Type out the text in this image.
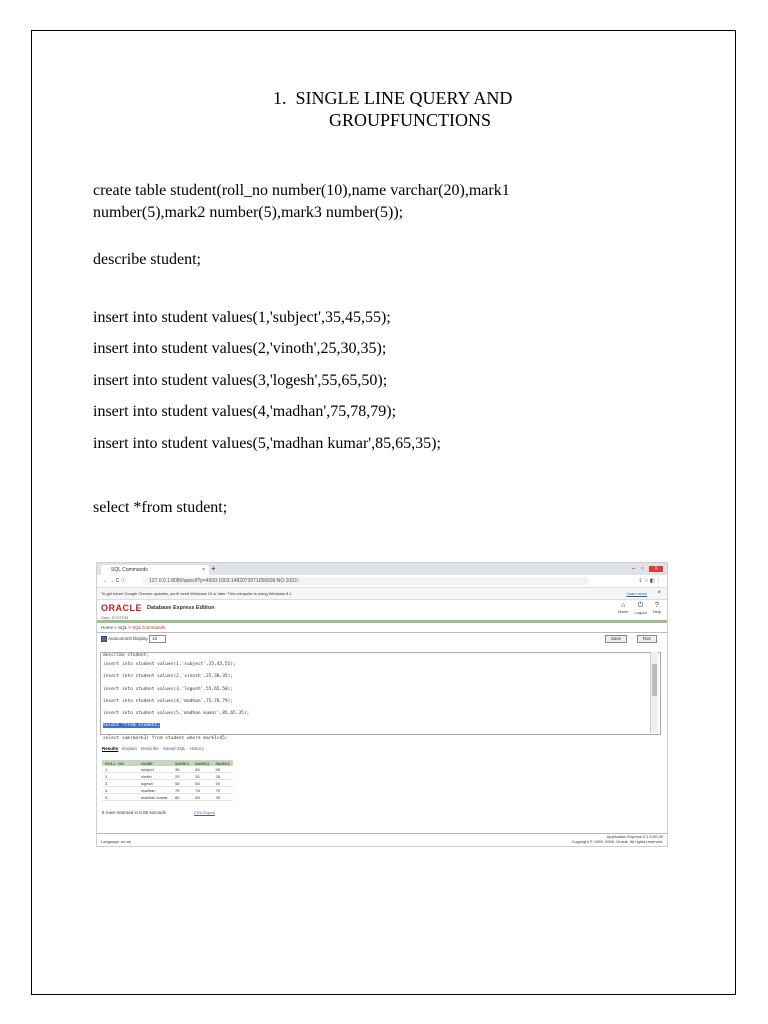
1. SINGLE LINE QUERY AND
GROUPFUNCTIONS
create table student(roll_no number(10),name varchar(20),mark1
number(5),mark2 number(5),mark3 number(5));
describe student;
insert into student values(1,'subject',35,45,55);
insert into student values(2,'vinoth',25,30,35);
insert into student values(3,'logesh',55,65,50);
insert into student values(4,'madhan',75,78,79);
insert into student values(5,'madhan kumar',85,65,35);
select *from student;
SQL Commands	× +	– ▫	×
← → C ⓘ	127.0.0.1:8080/apex/f?p=4500:1003:1482073071056506:NO:1003::	⇪ ☆ ◧ ⋮
To get future Google Chrome updates, you'll need Windows 10 or later. This computer is using Windows 8.1.	Learn more ×
ORACLE Database Express Edition
User: SYSTEM
⌂
Home
⏻
Logout
?
Help
Home > SQL > SQL Commands
Autocommit Display 10	Save	Run
describe student;
insert into student values(1,'subject',35,45,55);
insert into student values(2,'vinoth',25,30,35);
insert into student values(3,'logesh',55,65,50);
insert into student values(4,'madhan',75,78,79);
insert into student values(5,'madhan kumar',85,65,35);
select *from student;
select sum(mark1) from student where mark1>45;
Results Explain Describe Saved SQL History
ROLL_NO	NAME	MARK1	MARK2	MARK3
1	subject	35	45	55
2	vinoth	25	30	35
3	logesh	55	65	50
4	madhan	75	78	79
5	madhan kumar	85	65	35
5 rows returned in 0.05 seconds	CSV Export
Language: en-us
Application Express 2.1.0.00.39
Copyright © 1999, 2006, Oracle. All rights reserved.
